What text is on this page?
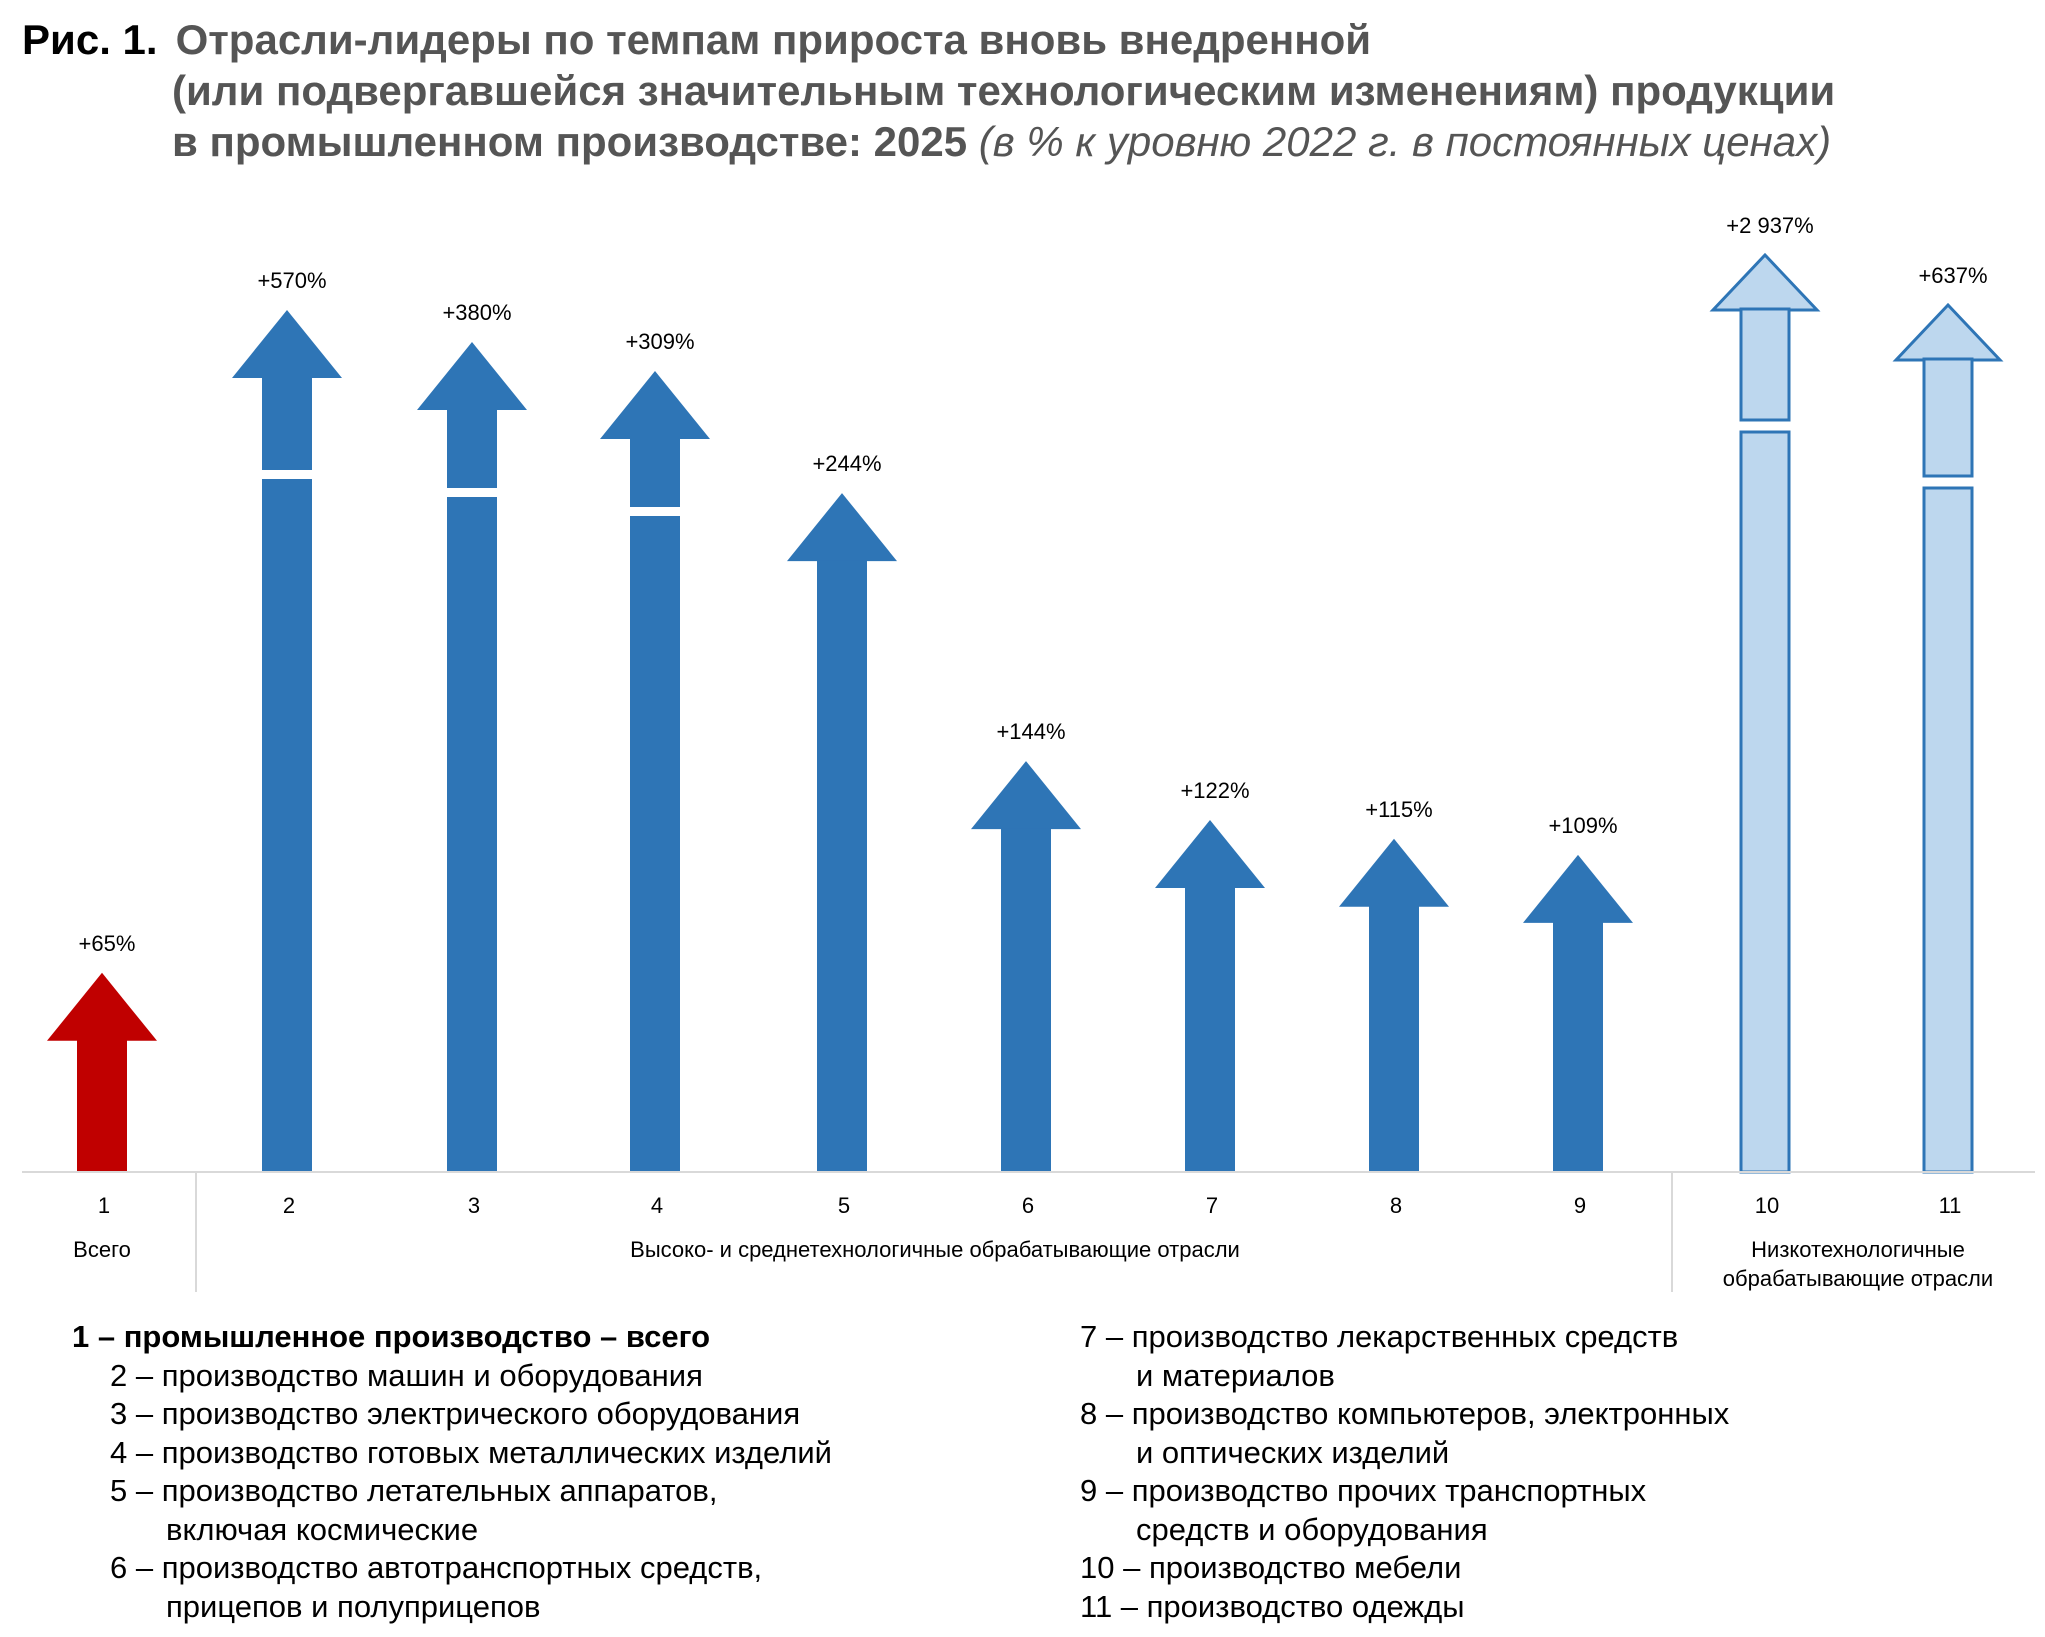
Рис. 1. Отрасли-лидеры по темпам прироста вновь внедренной
(или подвергавшейся значительным технологическим изменениям) продукции
в промышленном производстве: 2025 (в % к уровню 2022 г. в постоянных ценах)
+65%
1
+570%
2
+380%
3
+309%
4
+244%
5
+144%
6
+122%
7
+115%
8
+109%
9
+2 937%
10
+637%
11
Всего	Высоко- и среднетехнологичные обрабатывающие отрасли	Низкотехнологичные обрабатывающие отрасли
1 – промышленное производство – всего
2 – производство машин и оборудования
3 – производство электрического оборудования
4 – производство готовых металлических изделий
5 – производство летательных аппаратов,
включая космические
6 – производство автотранспортных средств,
прицепов и полуприцепов
7 – производство лекарственных средств
и материалов
8 – производство компьютеров, электронных
и оптических изделий
9 – производство прочих транспортных
средств и оборудования
10 – производство мебели
11 – производство одежды
